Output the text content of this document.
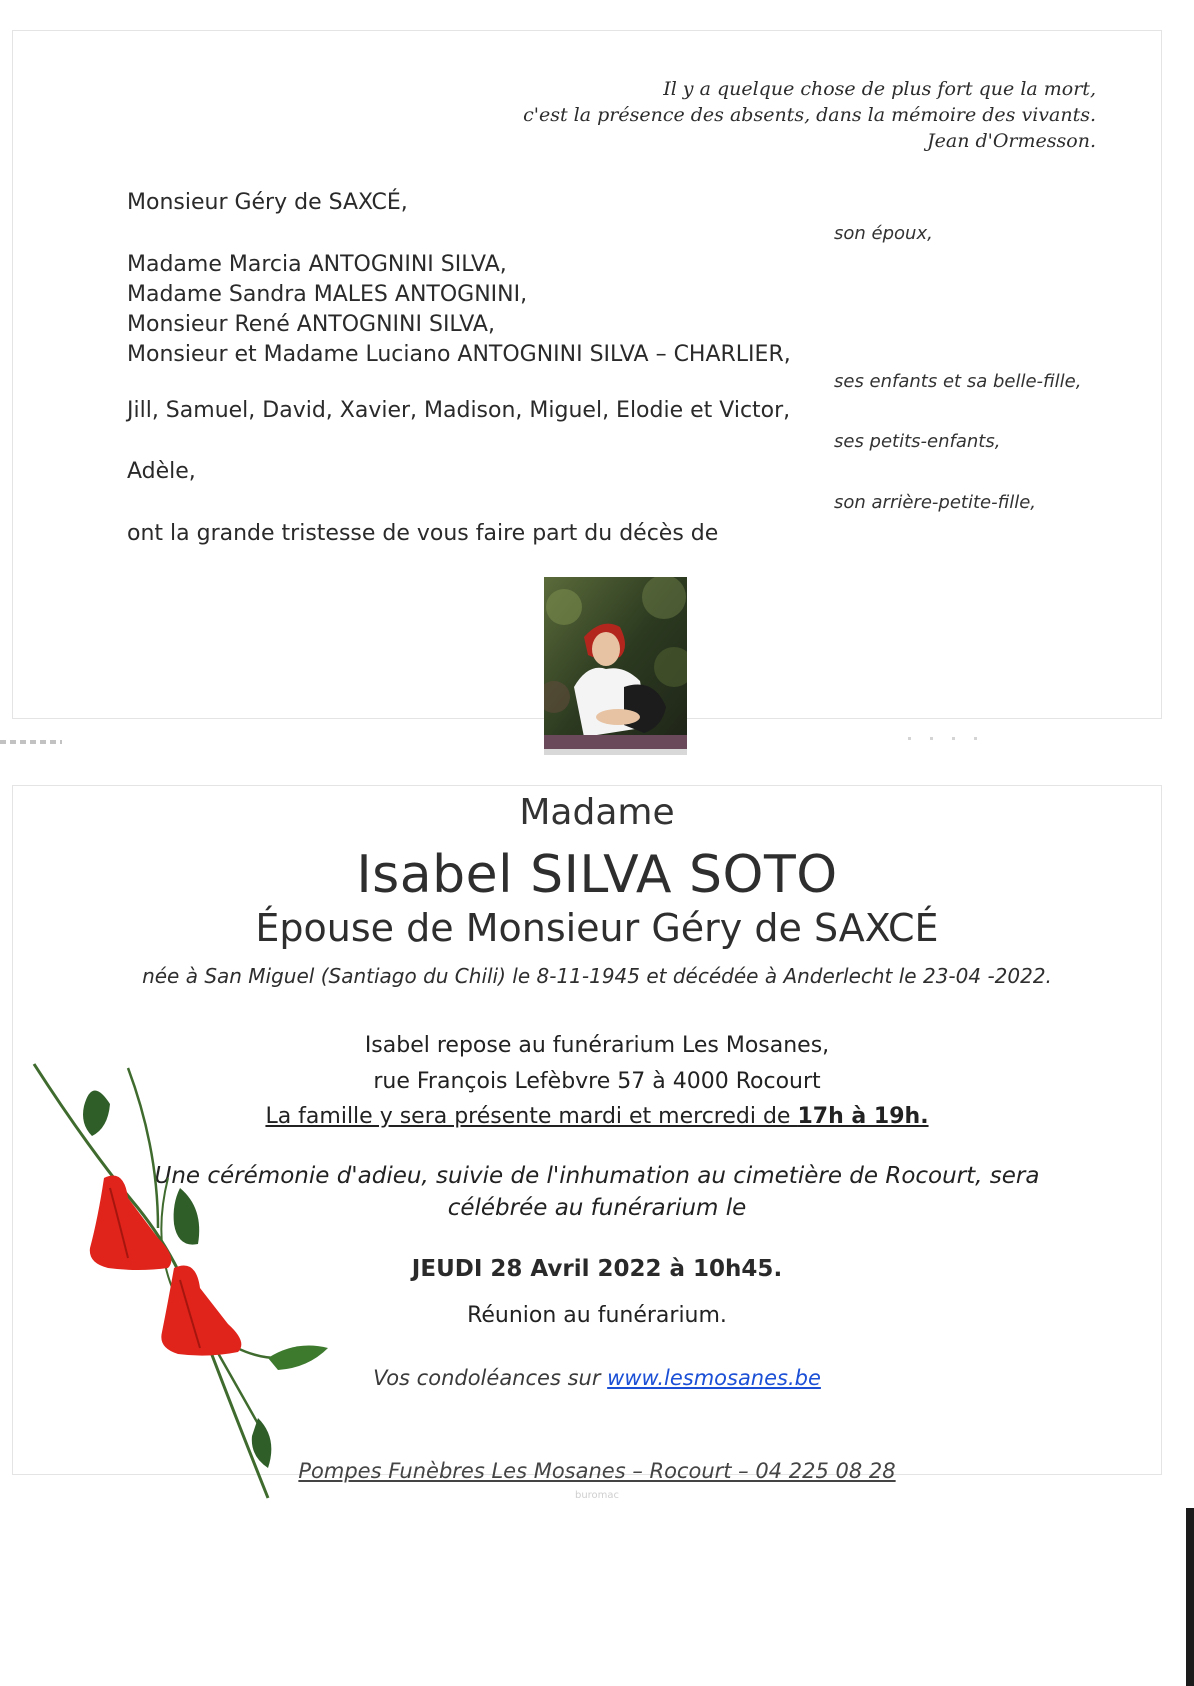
Il y a quelque chose de plus fort que la mort,
c'est la présence des absents, dans la mémoire des vivants.
Jean d'Ormesson.
Monsieur Géry de SAXCÉ,
son époux,
Madame Marcia ANTOGNINI SILVA,
Madame Sandra MALES ANTOGNINI,
Monsieur René ANTOGNINI SILVA,
Monsieur et Madame Luciano ANTOGNINI SILVA – CHARLIER,
ses enfants et sa belle-fille,
Jill, Samuel, David, Xavier, Madison, Miguel, Elodie et Victor,
ses petits-enfants,
Adèle,
son arrière-petite-fille,
ont la grande tristesse de vous faire part du décès de
Madame
Isabel SILVA SOTO
Épouse de Monsieur Géry de SAXCÉ
née à San Miguel (Santiago du Chili) le 8-11-1945 et décédée à Anderlecht le 23-04 -2022.
Isabel repose au funérarium Les Mosanes,
rue François Lefèbvre 57 à 4000 Rocourt
La famille y sera présente mardi et mercredi de 17h à 19h.
Une cérémonie d'adieu, suivie de l'inhumation au cimetière de Rocourt, sera
célébrée au funérarium le
JEUDI 28 Avril 2022 à 10h45.
Réunion au funérarium.
Vos condoléances sur www.lesmosanes.be
Pompes Funèbres Les Mosanes – Rocourt – 04 225 08 28
buromac
